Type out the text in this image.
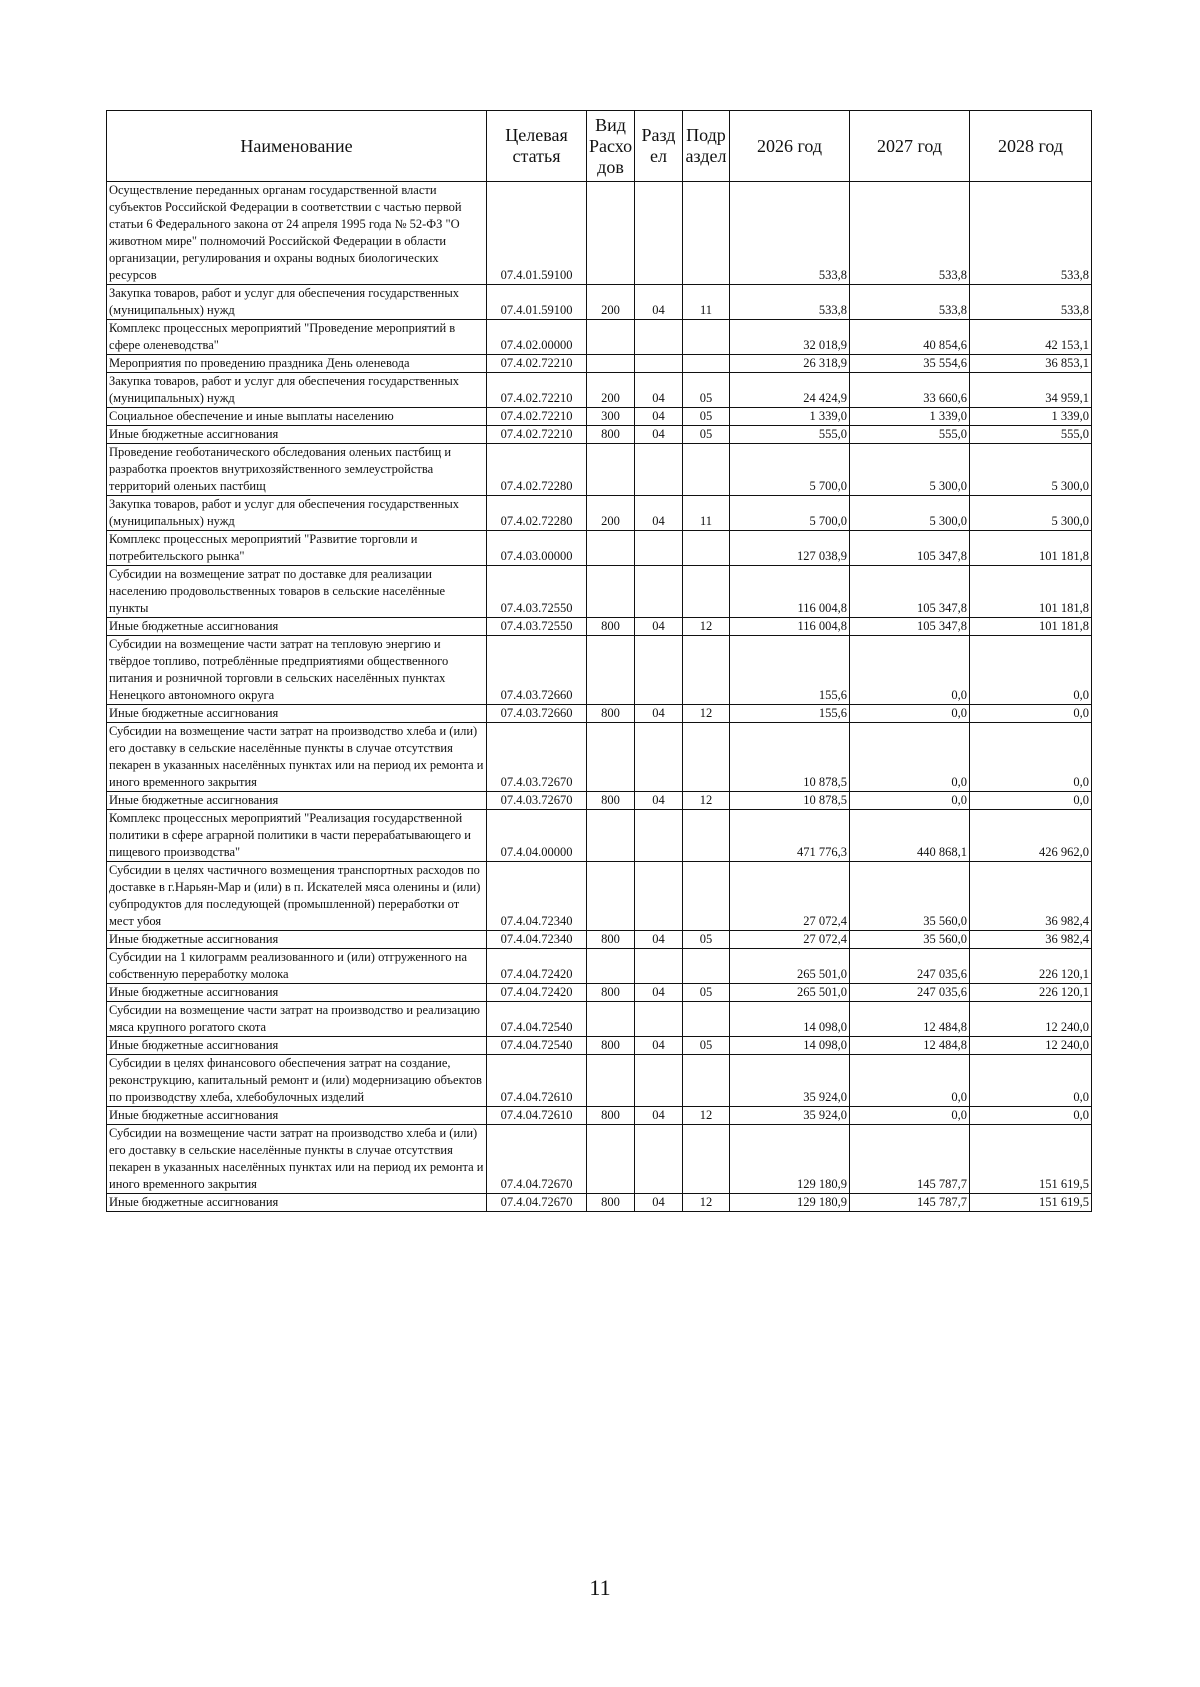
Наименование	Целевая статья	Вид Расхо дов	Разд ел	Подр аздел	2026 год	2027 год	2028 год
Осуществление переданных органам государственной власти субъектов Российской Федерации в соответствии с частью первой статьи 6 Федерального закона от 24 апреля 1995 года № 52-ФЗ "О животном мире" полномочий Российской Федерации в области организации, регулирования и охраны водных биологических ресурсов	07.4.01.59100				533,8	533,8	533,8
Закупка товаров, работ и услуг для обеспечения государственных (муниципальных) нужд	07.4.01.59100	200	04	11	533,8	533,8	533,8
Комплекс процессных мероприятий "Проведение мероприятий в сфере оленеводства"	07.4.02.00000				32 018,9	40 854,6	42 153,1
Мероприятия по проведению праздника День оленевода	07.4.02.72210				26 318,9	35 554,6	36 853,1
Закупка товаров, работ и услуг для обеспечения государственных (муниципальных) нужд	07.4.02.72210	200	04	05	24 424,9	33 660,6	34 959,1
Социальное обеспечение и иные выплаты населению	07.4.02.72210	300	04	05	1 339,0	1 339,0	1 339,0
Иные бюджетные ассигнования	07.4.02.72210	800	04	05	555,0	555,0	555,0
Проведение геоботанического обследования оленьих пастбищ и разработка проектов внутрихозяйственного землеустройства территорий оленьих пастбищ	07.4.02.72280				5 700,0	5 300,0	5 300,0
Закупка товаров, работ и услуг для обеспечения государственных (муниципальных) нужд	07.4.02.72280	200	04	11	5 700,0	5 300,0	5 300,0
Комплекс процессных мероприятий "Развитие торговли и потребительского рынка"	07.4.03.00000				127 038,9	105 347,8	101 181,8
Субсидии на возмещение затрат по доставке для реализации населению продовольственных товаров в сельские населённые пункты	07.4.03.72550				116 004,8	105 347,8	101 181,8
Иные бюджетные ассигнования	07.4.03.72550	800	04	12	116 004,8	105 347,8	101 181,8
Субсидии на возмещение части затрат на тепловую энергию и твёрдое топливо, потреблённые предприятиями общественного питания и розничной торговли в сельских населённых пунктах Ненецкого автономного округа	07.4.03.72660				155,6	0,0	0,0
Иные бюджетные ассигнования	07.4.03.72660	800	04	12	155,6	0,0	0,0
Субсидии на возмещение части затрат на производство хлеба и (или) его доставку в сельские населённые пункты в случае отсутствия пекарен в указанных населённых пунктах или на период их ремонта и иного временного закрытия	07.4.03.72670				10 878,5	0,0	0,0
Иные бюджетные ассигнования	07.4.03.72670	800	04	12	10 878,5	0,0	0,0
Комплекс процессных мероприятий "Реализация государственной политики в сфере аграрной политики в части перерабатывающего и пищевого производства"	07.4.04.00000				471 776,3	440 868,1	426 962,0
Субсидии в целях частичного возмещения транспортных расходов по доставке в г.Нарьян-Мар и (или) в п. Искателей мяса оленины и (или) субпродуктов для последующей (промышленной) переработки от мест убоя	07.4.04.72340				27 072,4	35 560,0	36 982,4
Иные бюджетные ассигнования	07.4.04.72340	800	04	05	27 072,4	35 560,0	36 982,4
Субсидии на 1 килограмм реализованного и (или) отгруженного на собственную переработку молока	07.4.04.72420				265 501,0	247 035,6	226 120,1
Иные бюджетные ассигнования	07.4.04.72420	800	04	05	265 501,0	247 035,6	226 120,1
Субсидии на возмещение части затрат на производство и реализацию мяса крупного рогатого скота	07.4.04.72540				14 098,0	12 484,8	12 240,0
Иные бюджетные ассигнования	07.4.04.72540	800	04	05	14 098,0	12 484,8	12 240,0
Субсидии в целях финансового обеспечения затрат на создание, реконструкцию, капитальный ремонт и (или) модернизацию объектов по производству хлеба, хлебобулочных изделий	07.4.04.72610				35 924,0	0,0	0,0
Иные бюджетные ассигнования	07.4.04.72610	800	04	12	35 924,0	0,0	0,0
Субсидии на возмещение части затрат на производство хлеба и (или) его доставку в сельские населённые пункты в случае отсутствия пекарен в указанных населённых пунктах или на период их ремонта и иного временного закрытия	07.4.04.72670				129 180,9	145 787,7	151 619,5
Иные бюджетные ассигнования	07.4.04.72670	800	04	12	129 180,9	145 787,7	151 619,5
11
